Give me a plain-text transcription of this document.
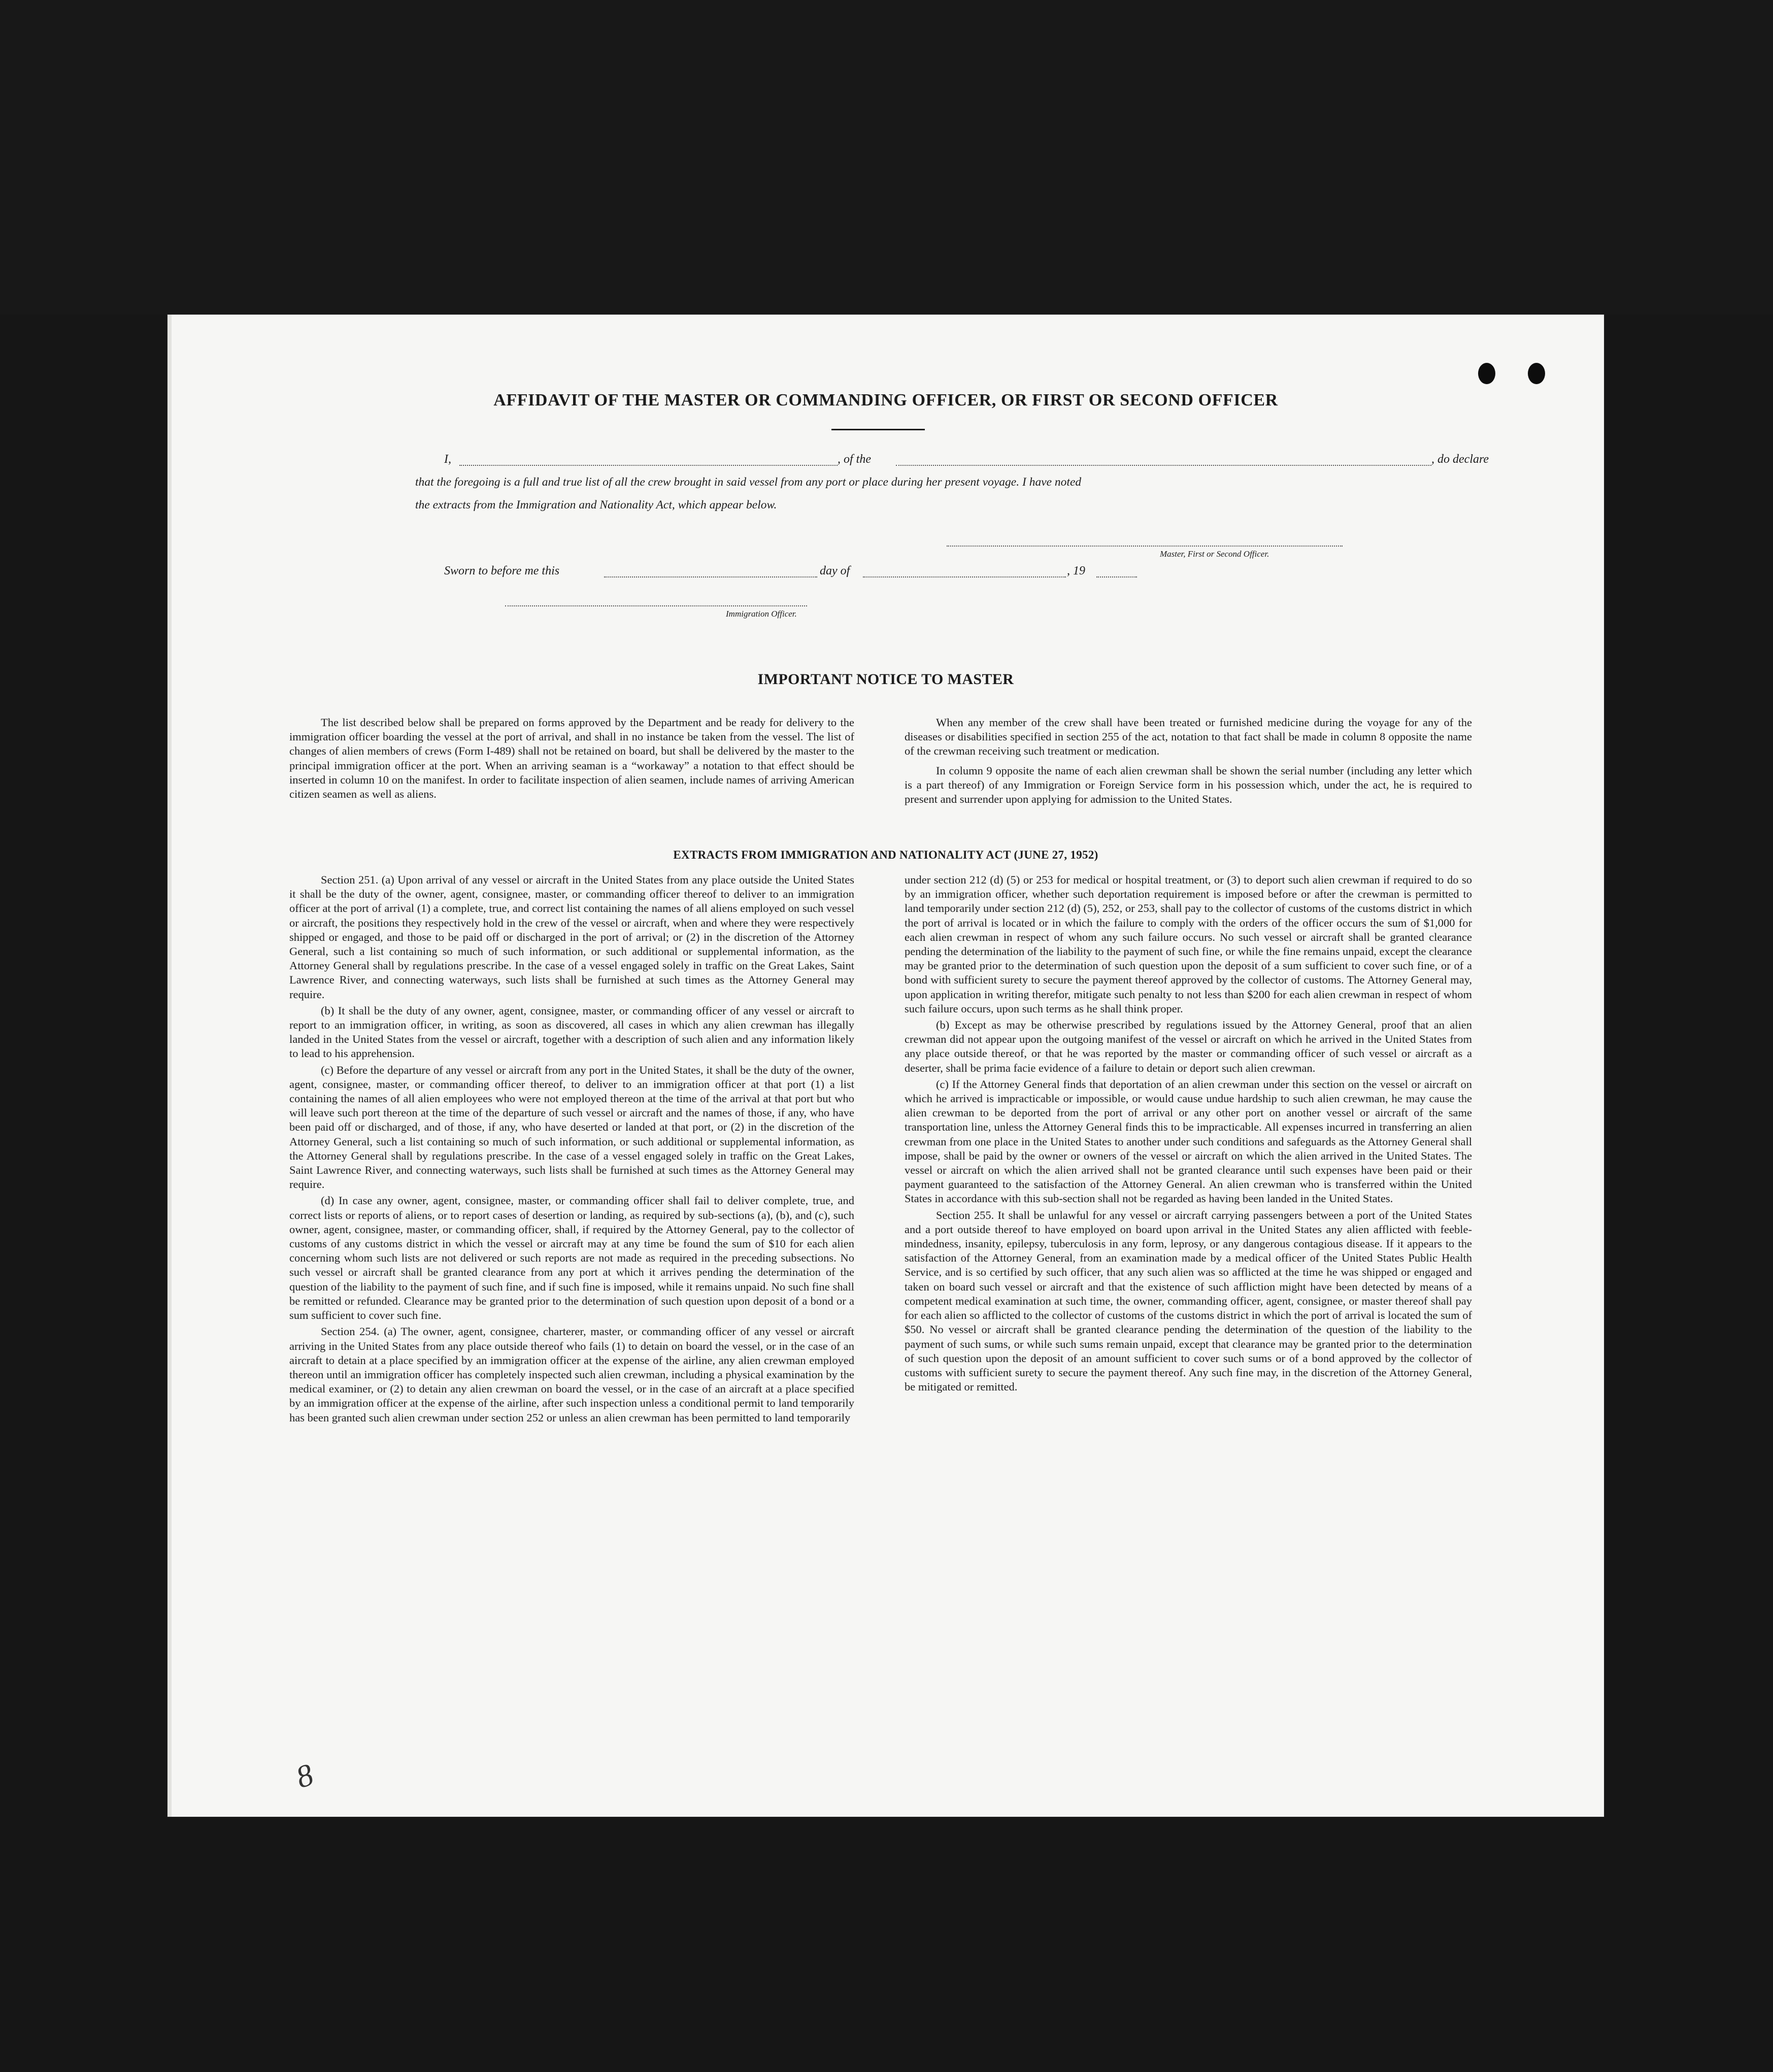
AFFIDAVIT OF THE MASTER OR COMMANDING OFFICER, OR FIRST OR SECOND OFFICER
I,	, of the	, do declare
that the foregoing is a full and true list of all the crew brought in said vessel from any port or place during her present voyage. I have noted
the extracts from the Immigration and Nationality Act, which appear below.
Master, First or Second Officer.
Sworn to before me this	day of	, 19
Immigration Officer.
IMPORTANT NOTICE TO MASTER

The list described below shall be prepared on forms approved by the Department and be ready for delivery to the immigration officer boarding the vessel at the port of arrival, and shall in no instance be taken from the vessel. The list of changes of alien members of crews (Form I-489) shall not be retained on board, but shall be delivered by the master to the principal immigration officer at the port. When an arriving seaman is a “workaway” a notation to that effect should be inserted in column 10 on the manifest. In order to facilitate inspection of alien seamen, include names of arriving American citizen seamen as well as aliens.

When any member of the crew shall have been treated or furnished medicine during the voyage for any of the diseases or disabilities specified in section 255 of the act, notation to that fact shall be made in column 8 opposite the name of the crewman receiving such treatment or medication.

In column 9 opposite the name of each alien crewman shall be shown the serial number (including any letter which is a part thereof) of any Immigration or Foreign Service form in his possession which, under the act, he is required to present and surrender upon applying for admission to the United States.

EXTRACTS FROM IMMIGRATION AND NATIONALITY ACT (JUNE 27, 1952)

Section 251. (a) Upon arrival of any vessel or aircraft in the United States from any place outside the United States it shall be the duty of the owner, agent, consignee, master, or commanding officer thereof to deliver to an immigration officer at the port of arrival (1) a complete, true, and correct list containing the names of all aliens employed on such vessel or aircraft, the positions they respectively hold in the crew of the vessel or aircraft, when and where they were respectively shipped or engaged, and those to be paid off or discharged in the port of arrival; or (2) in the discretion of the Attorney General, such a list containing so much of such information, or such additional or supplemental information, as the Attorney General shall by regulations prescribe. In the case of a vessel engaged solely in traffic on the Great Lakes, Saint Lawrence River, and connecting waterways, such lists shall be furnished at such times as the Attorney General may require.

(b) It shall be the duty of any owner, agent, consignee, master, or commanding officer of any vessel or aircraft to report to an immigration officer, in writing, as soon as discovered, all cases in which any alien crewman has illegally landed in the United States from the vessel or aircraft, together with a description of such alien and any information likely to lead to his apprehension.

(c) Before the departure of any vessel or aircraft from any port in the United States, it shall be the duty of the owner, agent, consignee, master, or commanding officer thereof, to deliver to an immigration officer at that port (1) a list containing the names of all alien employees who were not employed thereon at the time of the arrival at that port but who will leave such port thereon at the time of the departure of such vessel or aircraft and the names of those, if any, who have been paid off or discharged, and of those, if any, who have deserted or landed at that port, or (2) in the discretion of the Attorney General, such a list containing so much of such information, or such additional or supplemental information, as the Attorney General shall by regulations prescribe. In the case of a vessel engaged solely in traffic on the Great Lakes, Saint Lawrence River, and connecting waterways, such lists shall be furnished at such times as the Attorney General may require.

(d) In case any owner, agent, consignee, master, or commanding officer shall fail to deliver complete, true, and correct lists or reports of aliens, or to report cases of desertion or landing, as required by sub-sections (a), (b), and (c), such owner, agent, consignee, master, or commanding officer, shall, if required by the Attorney General, pay to the collector of customs of any customs district in which the vessel or aircraft may at any time be found the sum of $10 for each alien concerning whom such lists are not delivered or such reports are not made as required in the preceding subsections. No such vessel or aircraft shall be granted clearance from any port at which it arrives pending the determination of the question of the liability to the payment of such fine, and if such fine is imposed, while it remains unpaid. No such fine shall be remitted or refunded. Clearance may be granted prior to the determination of such question upon deposit of a bond or a sum sufficient to cover such fine.

Section 254. (a) The owner, agent, consignee, charterer, master, or commanding officer of any vessel or aircraft arriving in the United States from any place outside thereof who fails (1) to detain on board the vessel, or in the case of an aircraft to detain at a place specified by an immigration officer at the expense of the airline, any alien crewman employed thereon until an immigration officer has completely inspected such alien crewman, including a physical examination by the medical examiner, or (2) to detain any alien crewman on board the vessel, or in the case of an aircraft at a place specified by an immigration officer at the expense of the airline, after such inspection unless a conditional permit to land temporarily has been granted such alien crewman under section 252 or unless an alien crewman has been permitted to land temporarily

under section 212 (d) (5) or 253 for medical or hospital treatment, or (3) to deport such alien crewman if required to do so by an immigration officer, whether such deportation requirement is imposed before or after the crewman is permitted to land temporarily under section 212 (d) (5), 252, or 253, shall pay to the collector of customs of the customs district in which the port of arrival is located or in which the failure to comply with the orders of the officer occurs the sum of $1,000 for each alien crewman in respect of whom any such failure occurs. No such vessel or aircraft shall be granted clearance pending the determination of the liability to the payment of such fine, or while the fine remains unpaid, except the clearance may be granted prior to the determination of such question upon the deposit of a sum sufficient to cover such fine, or of a bond with sufficient surety to secure the payment thereof approved by the collector of customs. The Attorney General may, upon application in writing therefor, mitigate such penalty to not less than $200 for each alien crewman in respect of whom such failure occurs, upon such terms as he shall think proper.

(b) Except as may be otherwise prescribed by regulations issued by the Attorney General, proof that an alien crewman did not appear upon the outgoing manifest of the vessel or aircraft on which he arrived in the United States from any place outside thereof, or that he was reported by the master or commanding officer of such vessel or aircraft as a deserter, shall be prima facie evidence of a failure to detain or deport such alien crewman.

(c) If the Attorney General finds that deportation of an alien crewman under this section on the vessel or aircraft on which he arrived is impracticable or impossible, or would cause undue hardship to such alien crewman, he may cause the alien crewman to be deported from the port of arrival or any other port on another vessel or aircraft of the same transportation line, unless the Attorney General finds this to be impracticable. All expenses incurred in transferring an alien crewman from one place in the United States to another under such conditions and safeguards as the Attorney General shall impose, shall be paid by the owner or owners of the vessel or aircraft on which the alien arrived in the United States. The vessel or aircraft on which the alien arrived shall not be granted clearance until such expenses have been paid or their payment guaranteed to the satisfaction of the Attorney General. An alien crewman who is transferred within the United States in accordance with this sub-section shall not be regarded as having been landed in the United States.

Section 255. It shall be unlawful for any vessel or aircraft carrying passengers between a port of the United States and a port outside thereof to have employed on board upon arrival in the United States any alien afflicted with feeble-mindedness, insanity, epilepsy, tuberculosis in any form, leprosy, or any dangerous contagious disease. If it appears to the satisfaction of the Attorney General, from an examination made by a medical officer of the United States Public Health Service, and is so certified by such officer, that any such alien was so afflicted at the time he was shipped or engaged and taken on board such vessel or aircraft and that the existence of such affliction might have been detected by means of a competent medical examination at such time, the owner, commanding officer, agent, consignee, or master thereof shall pay for each alien so afflicted to the collector of customs of the customs district in which the port of arrival is located the sum of $50. No vessel or aircraft shall be granted clearance pending the determination of the question of the liability to the payment of such sums, or while such sums remain unpaid, except that clearance may be granted prior to the determination of such question upon the deposit of an amount sufficient to cover such sums or of a bond approved by the collector of customs with sufficient surety to secure the payment thereof. Any such fine may, in the discretion of the Attorney General, be mitigated or remitted.

8
